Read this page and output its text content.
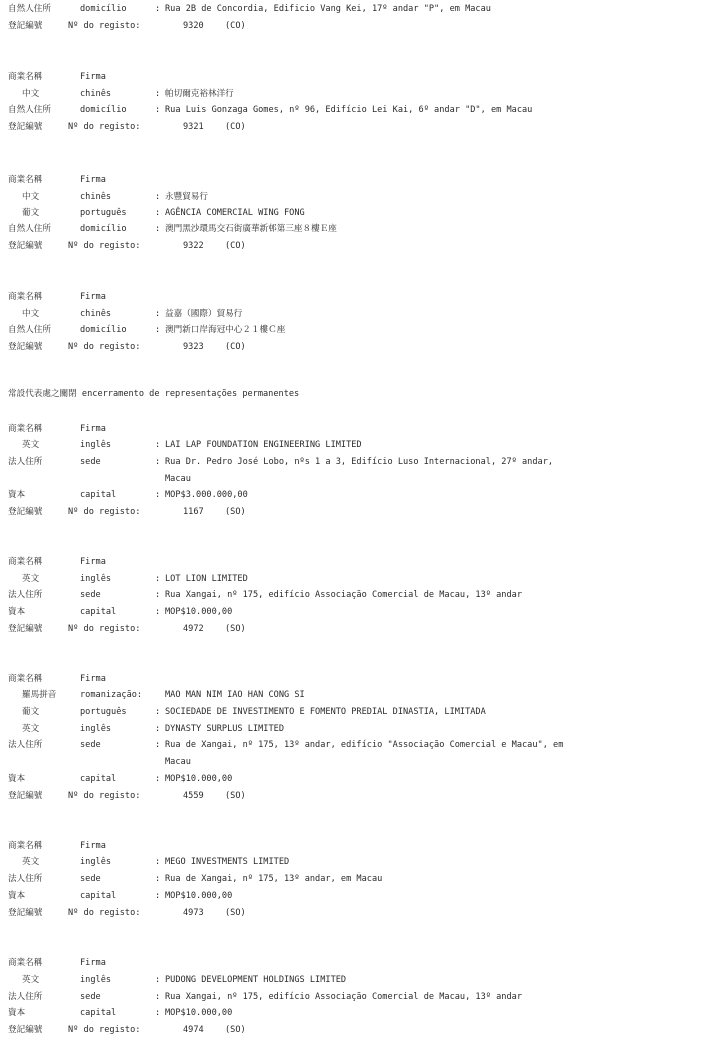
自然人住所	domicílio	: Rua 2B de Concordia, Edificio Vang Kei, 17º andar "P", em Macau
登記編號	Nº do registo:	9320 (CO)
商業名稱	Firma
中文	chinês	: 帕切爾克裕林洋行
自然人住所	domicílio	: Rua Luis Gonzaga Gomes, nº 96, Edifício Lei Kai, 6º andar "D", em Macau
登記編號	Nº do registo:	9321 (CO)
商業名稱	Firma
中文	chinês	: 永豐貿易行
葡文	português	: AGÊNCIA COMERCIAL WING FONG
自然人住所	domicílio	: 澳門黑沙環馬交石街廣華新邨第三座８樓Ｅ座
登記編號	Nº do registo:	9322 (CO)
商業名稱	Firma
中文	chinês	: 益嘉（國際）貿易行
自然人住所	domicílio	: 澳門新口岸海冠中心２１樓Ｃ座
登記編號	Nº do registo:	9323 (CO)
常設代表處之關閉 encerramento de representações permanentes
商業名稱	Firma
英文	inglês	: LAI LAP FOUNDATION ENGINEERING LIMITED
法人住所	sede	: Rua Dr. Pedro José Lobo, nºs 1 a 3, Edifício Luso Internacional, 27º andar,
Macau
資本	capital	: MOP$3.000.000,00
登記編號	Nº do registo:	1167 (SO)
商業名稱	Firma
英文	inglês	: LOT LION LIMITED
法人住所	sede	: Rua Xangai, nº 175, edifício Associação Comercial de Macau, 13º andar
資本	capital	: MOP$10.000,00
登記編號	Nº do registo:	4972 (SO)
商業名稱	Firma
羅馬拼音	romanização:	MAO MAN NIM IAO HAN CONG SI
葡文	português	: SOCIEDADE DE INVESTIMENTO E FOMENTO PREDIAL DINASTIA, LIMITADA
英文	inglês	: DYNASTY SURPLUS LIMITED
法人住所	sede	: Rua de Xangai, nº 175, 13º andar, edifício "Associação Comercial e Macau", em
Macau
資本	capital	: MOP$10.000,00
登記編號	Nº do registo:	4559 (SO)
商業名稱	Firma
英文	inglês	: MEGO INVESTMENTS LIMITED
法人住所	sede	: Rua de Xangai, nº 175, 13º andar, em Macau
資本	capital	: MOP$10.000,00
登記編號	Nº do registo:	4973 (SO)
商業名稱	Firma
英文	inglês	: PUDONG DEVELOPMENT HOLDINGS LIMITED
法人住所	sede	: Rua Xangai, nº 175, edifício Associação Comercial de Macau, 13º andar
資本	capital	: MOP$10.000,00
登記編號	Nº do registo:	4974 (SO)
